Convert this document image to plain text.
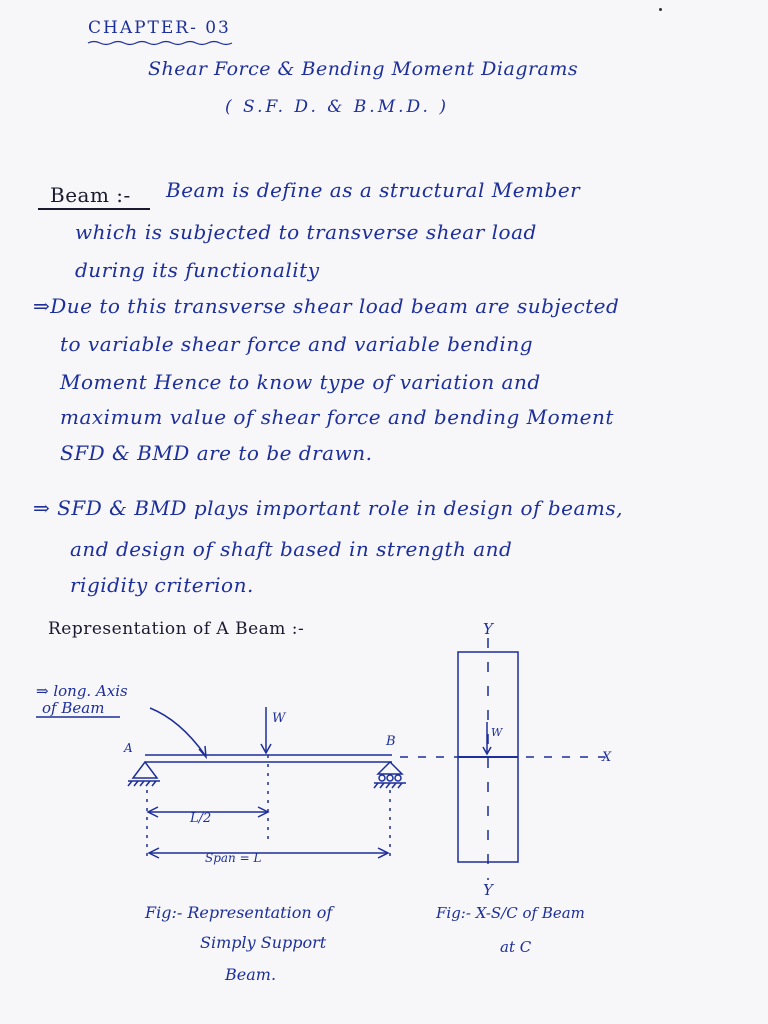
CHAPTER- 03
Shear Force & Bending Moment Diagrams
( S.F. D. & B.M.D. )
Beam :- Beam is define as a structural Member
which is subjected to transverse shear load
during its functionality
⇒Due to this transverse shear load beam are subjected
to variable shear force and variable bending
Moment Hence to know type of variation and
maximum value of shear force and bending Moment
SFD & BMD are to be drawn.
⇒ SFD & BMD plays important role in design of beams,
and design of shaft based in strength and
rigidity criterion.
Representation of A Beam :-
⇒ long. Axis
of Beam
W
A	B
L/2
Span = L
Y
Y
X
W
Fig:- Representation of
Simply Support
Beam.
Fig:- X-S/C of Beam
at C
